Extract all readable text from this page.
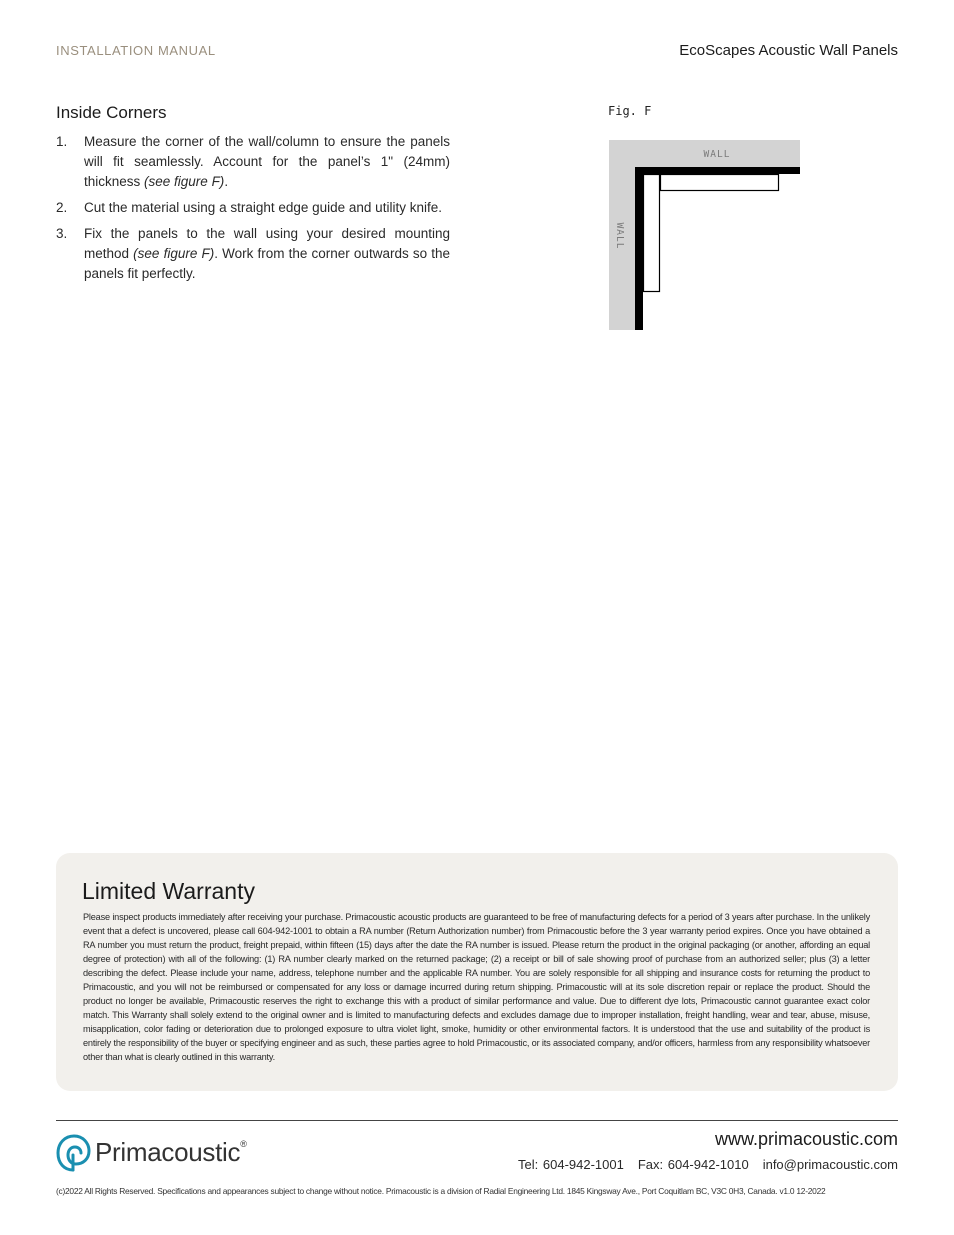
INSTALLATION MANUAL	EcoScapes Acoustic Wall Panels
Inside Corners
1. Measure the corner of the wall/column to ensure the panels will fit seamlessly. Account for the panel’s 1" (24mm) thickness (see figure F).
2. Cut the material using a straight edge guide and utility knife.
3. Fix the panels to the wall using your desired mounting method (see figure F). Work from the corner outwards so the panels fit perfectly.
Fig. F
WALL
WALL
Limited Warranty
Please inspect products immediately after receiving your purchase. Primacoustic acoustic products are guaranteed to be free of manufacturing defects for a period of 3 years after purchase. In the unlikely event that a defect is uncovered, please call 604-942-1001 to obtain a RA number (Return Authorization number) from Primacoustic before the 3 year warranty period expires. Once you have obtained a RA number you must return the product, freight prepaid, within fifteen (15) days after the date the RA number is issued. Please return the product in the original packaging (or another, affording an equal degree of protection) with all of the following: (1) RA number clearly marked on the returned package; (2) a receipt or bill of sale showing proof of purchase from an authorized seller; plus (3) a letter describing the defect. Please include your name, address, telephone number and the applicable RA number. You are solely responsible for all shipping and insurance costs for returning the product to Primacoustic, and you will not be reimbursed or compensated for any loss or damage incurred during return shipping. Primacoustic will at its sole discretion repair or replace the product. Should the product no longer be available, Primacoustic reserves the right to exchange this with a product of similar performance and value. Due to different dye lots, Primacoustic cannot guarantee exact color match. This Warranty shall solely extend to the original owner and is limited to manufacturing defects and excludes damage due to improper installation, freight handling, wear and tear, abuse, misuse, misapplication, color fading or deterioration due to prolonged exposure to ultra violet light, smoke, humidity or other environmental factors. It is understood that the use and suitability of the product is entirely the responsibility of the buyer or specifying engineer and as such, these parties agree to hold Primacoustic, or its associated company, and/or officers, harmless from any responsibility whatsoever other than what is clearly outlined in this warranty.
Primacoustic®	www.primacoustic.com
Tel: 604-942-1001 Fax: 604-942-1010 info@primacoustic.com
(c)2022 All Rights Reserved. Specifications and appearances subject to change without notice. Primacoustic is a division of Radial Engineering Ltd. 1845 Kingsway Ave., Port Coquitlam BC, V3C 0H3, Canada. v1.0 12-2022
